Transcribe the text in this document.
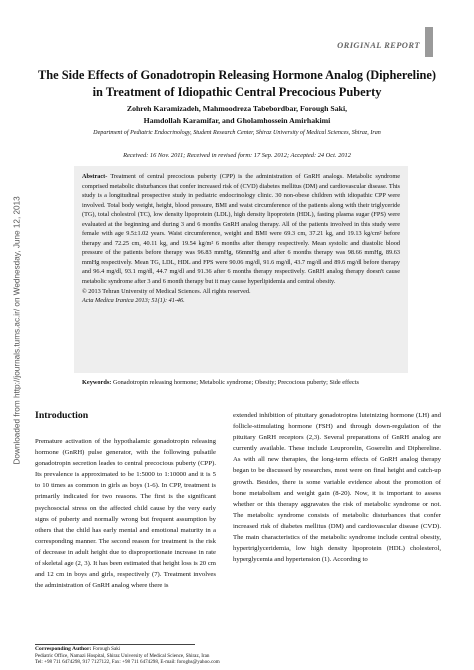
Downloaded from http://journals.tums.ac.ir/ on Wednesday, June 12, 2013
ORIGINAL REPORT
The Side Effects of Gonadotropin Releasing Hormone Analog (Diphereline)
in Treatment of Idiopathic Central Precocious Puberty
Zohreh Karamizadeh, Mahmoodreza Tabebordbar, Forough Saki,
Hamdollah Karamifar, and Gholamhossein Amirhakimi
Department of Pediatric Endocrinology, Student Research Center, Shiraz University of Medical Sciences, Shiraz, Iran
Received: 16 Nov. 2011; Received in revised form: 17 Sep. 2012; Accepted: 24 Oct. 2012
Abstract- Treatment of central precocious puberty (CPP) is the administration of GnRH analogs. Metabolic syndrome comprised metabolic disturbances that confer increased risk of (CVD) diabetes mellitus (DM) and cardiovascular disease. This study is a longitudinal prospective study in pediatric endocrinology clinic. 30 non-obese children with idiopathic CPP were involved. Total body weight, height, blood pressure, BMI and waist circumference of the patients along with their triglyceride (TG), total cholestrol (TC), low density lipoprotein (LDL), high density lipoprotein (HDL), fasting plasma sugar (FPS) were evaluated at the beginning and during 3 and 6 months GnRH analog therapy. All of the patients involved in this study were female with age 9.5±1.02 years. Waist circumference, weight and BMI were 69.3 cm, 37.21 kg, and 19.13 kg/cm² before therapy and 72.25 cm, 40.11 kg, and 19.54 kg/m² 6 months after therapy respectively. Mean systolic and diastolic blood pressure of the patients before therapy was 96.83 mmHg, 66mmHg and after 6 months therapy was 98.66 mmHg, 89.63 mmHg respectively. Mean TG, LDL, HDL and FPS were 90.06 mg/dl, 91.6 mg/dl, 43.7 mg/dl and 89.6 mg/dl before therapy and 96.4 mg/dl, 93.1 mg/dl, 44.7 mg/dl and 91.36 after 6 months therapy respectively. GnRH analog therapy doesn't cause metabolic syndrome after 3 and 6 month therapy but it may cause hyperlipidemia and central obesity.
© 2013 Tehran University of Medical Sciences. All rights reserved.
Acta Medica Iranica 2013; 51(1): 41-46.
Keywords: Gonadotropin releasing hormone; Metabolic syndrome; Obesity; Precocious puberty; Side effects
Introduction
Premature activation of the hypothalamic gonadotropin releasing hormone (GnRH) pulse generator, with the following pulsatile gonadotropin secretion leades to central precocious puberty (CPP). Its prevalence is approximated to be 1:5000 to 1:10000 and it is 5 to 10 times as common in girls as boys (1-6). In CPP, treatment is primarily indicated for two reasons. The first is the significant psychosocial stress on the affected child cause by the very early signs of puberty and normally wrong but frequent assumption by others that the child has early mental and emotional maturity in a corresponding manner. The second reason for treatment is the risk of decrease in adult height due to disproportionate increase in rate of skeletal age (2, 3). It has been estimated that height loss is 20 cm and 12 cm in boys and girls, respectively (7). Treatment involves the administration of GnRH analog where there is
extended inhibition of pituitary gonadotropins luteinizing hormone (LH) and follicle-stimulating hormone (FSH) and through down-regulation of the pituitary GnRH receptors (2,3). Several preparations of GnRH analog are currently available. These include Leuprorelin, Goserelin and Diphereline. As with all new therapies, the long-term effects of GnRH analog therapy began to be discussed by researches, most were on final height and catch-up growth. Besides, there is some variable evidence about the promotion of bone metabolism and weight gain (8-20). Now, it is important to assess whether or this therapy aggravates the risk of metabolic syndrome or not. The metabolic syndrome consists of metabolic disturbances that confer increased risk of diabetes mellitus (DM) and cardiovascular disease (CVD). The main characteristics of the metabolic syndrome include central obesity, hypertriglyceridemia, low high density lipoprotein (HDL) cholesterol, hyperglycemia and hypertension (1). According to
Corresponding Author: Forough Saki
Pediatric Office, Namazi Hospital, Shiraz University of Medical Science, Shiraz, Iran
Tel: +98 711 6474298, 917 7127122, Fax: +98 711 6474298, E-mail: foroghs@yahoo.com
